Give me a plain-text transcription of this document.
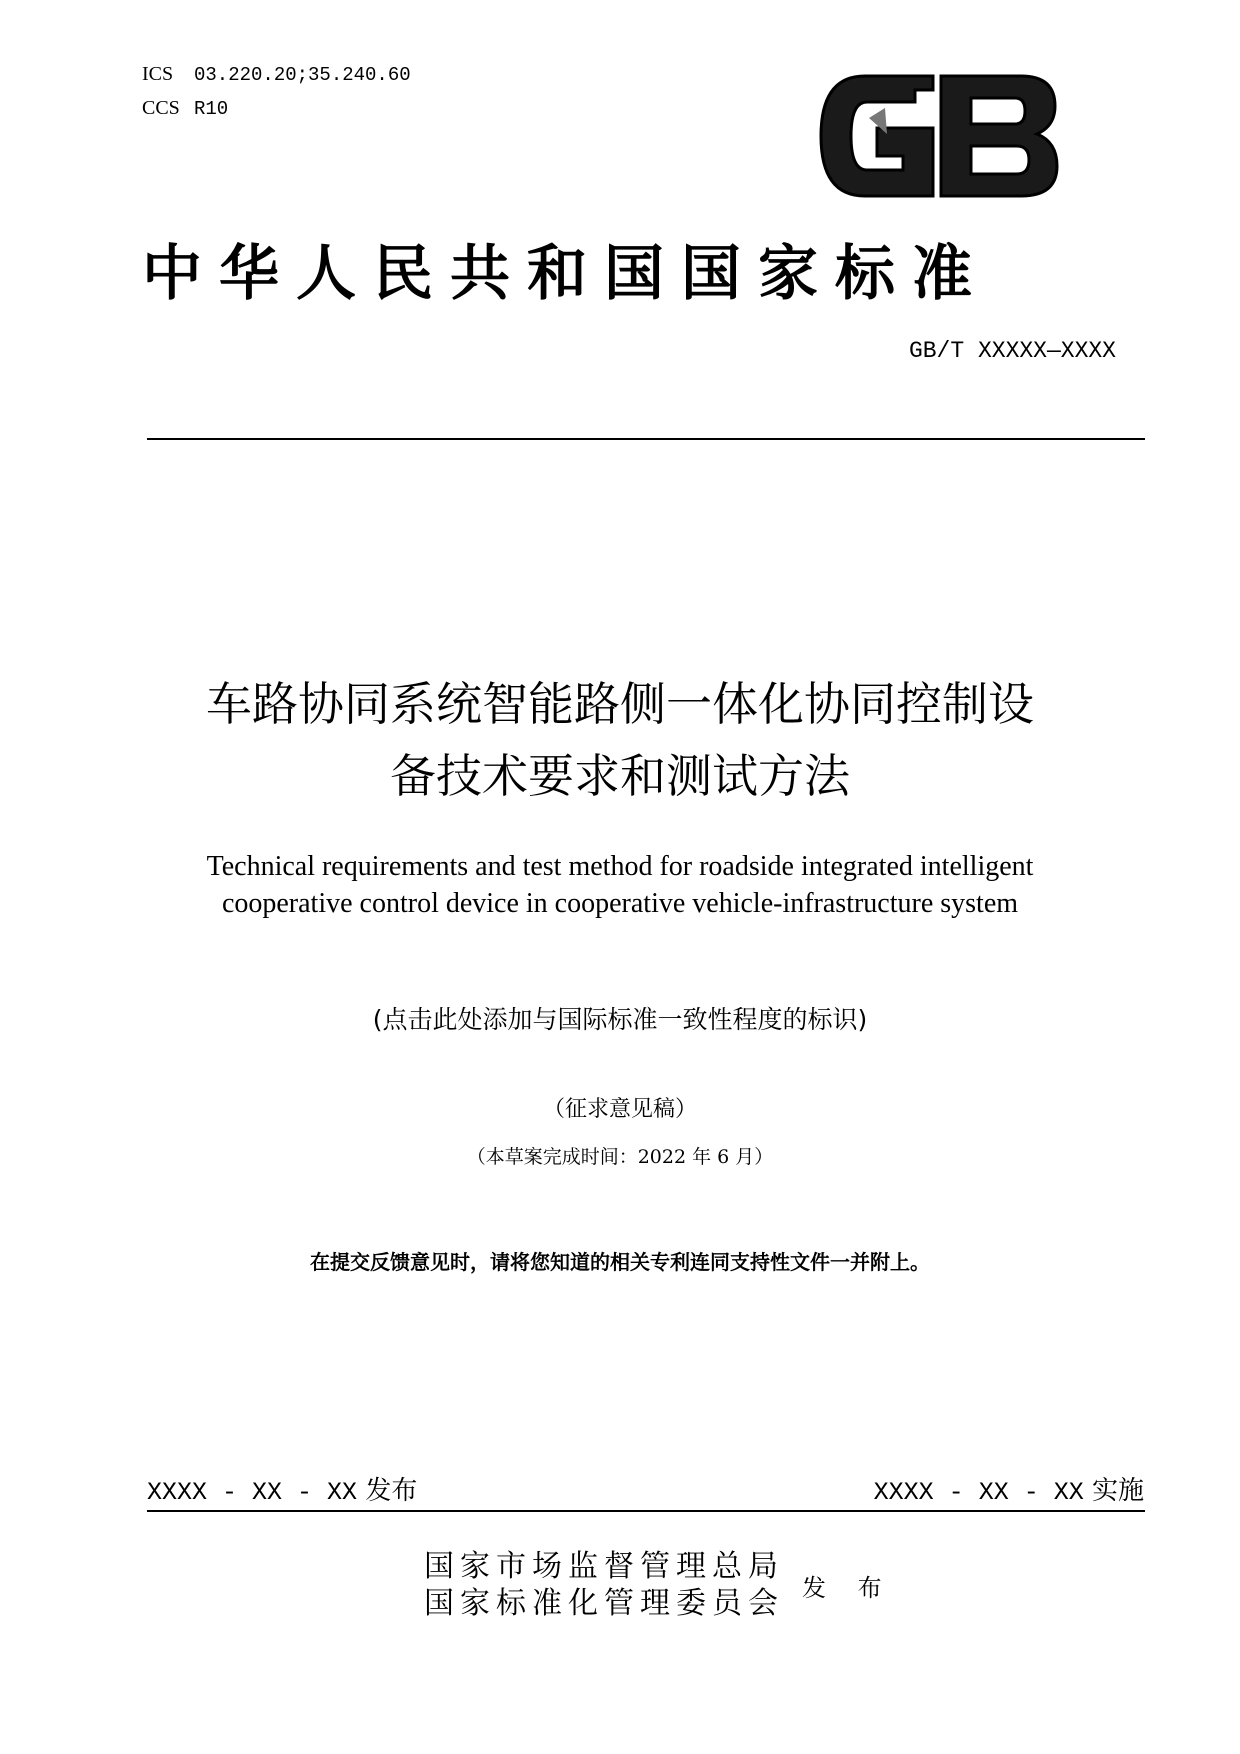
ICS 03.220.20;35.240.60
CCS R10
中华人民共和国国家标准
GB/T XXXXX—XXXX
车路协同系统智能路侧一体化协同控制设
备技术要求和测试方法
Technical requirements and test method for roadside integrated intelligent
cooperative control device in cooperative vehicle-infrastructure system
(点击此处添加与国际标准一致性程度的标识)
（征求意见稿）
（本草案完成时间：2022 年 6 月）
在提交反馈意见时，请将您知道的相关专利连同支持性文件一并附上。
XXXX - XX - XX 发布	XXXX - XX - XX 实施
国家市场监督管理总局
国家标准化管理委员会 发 布
